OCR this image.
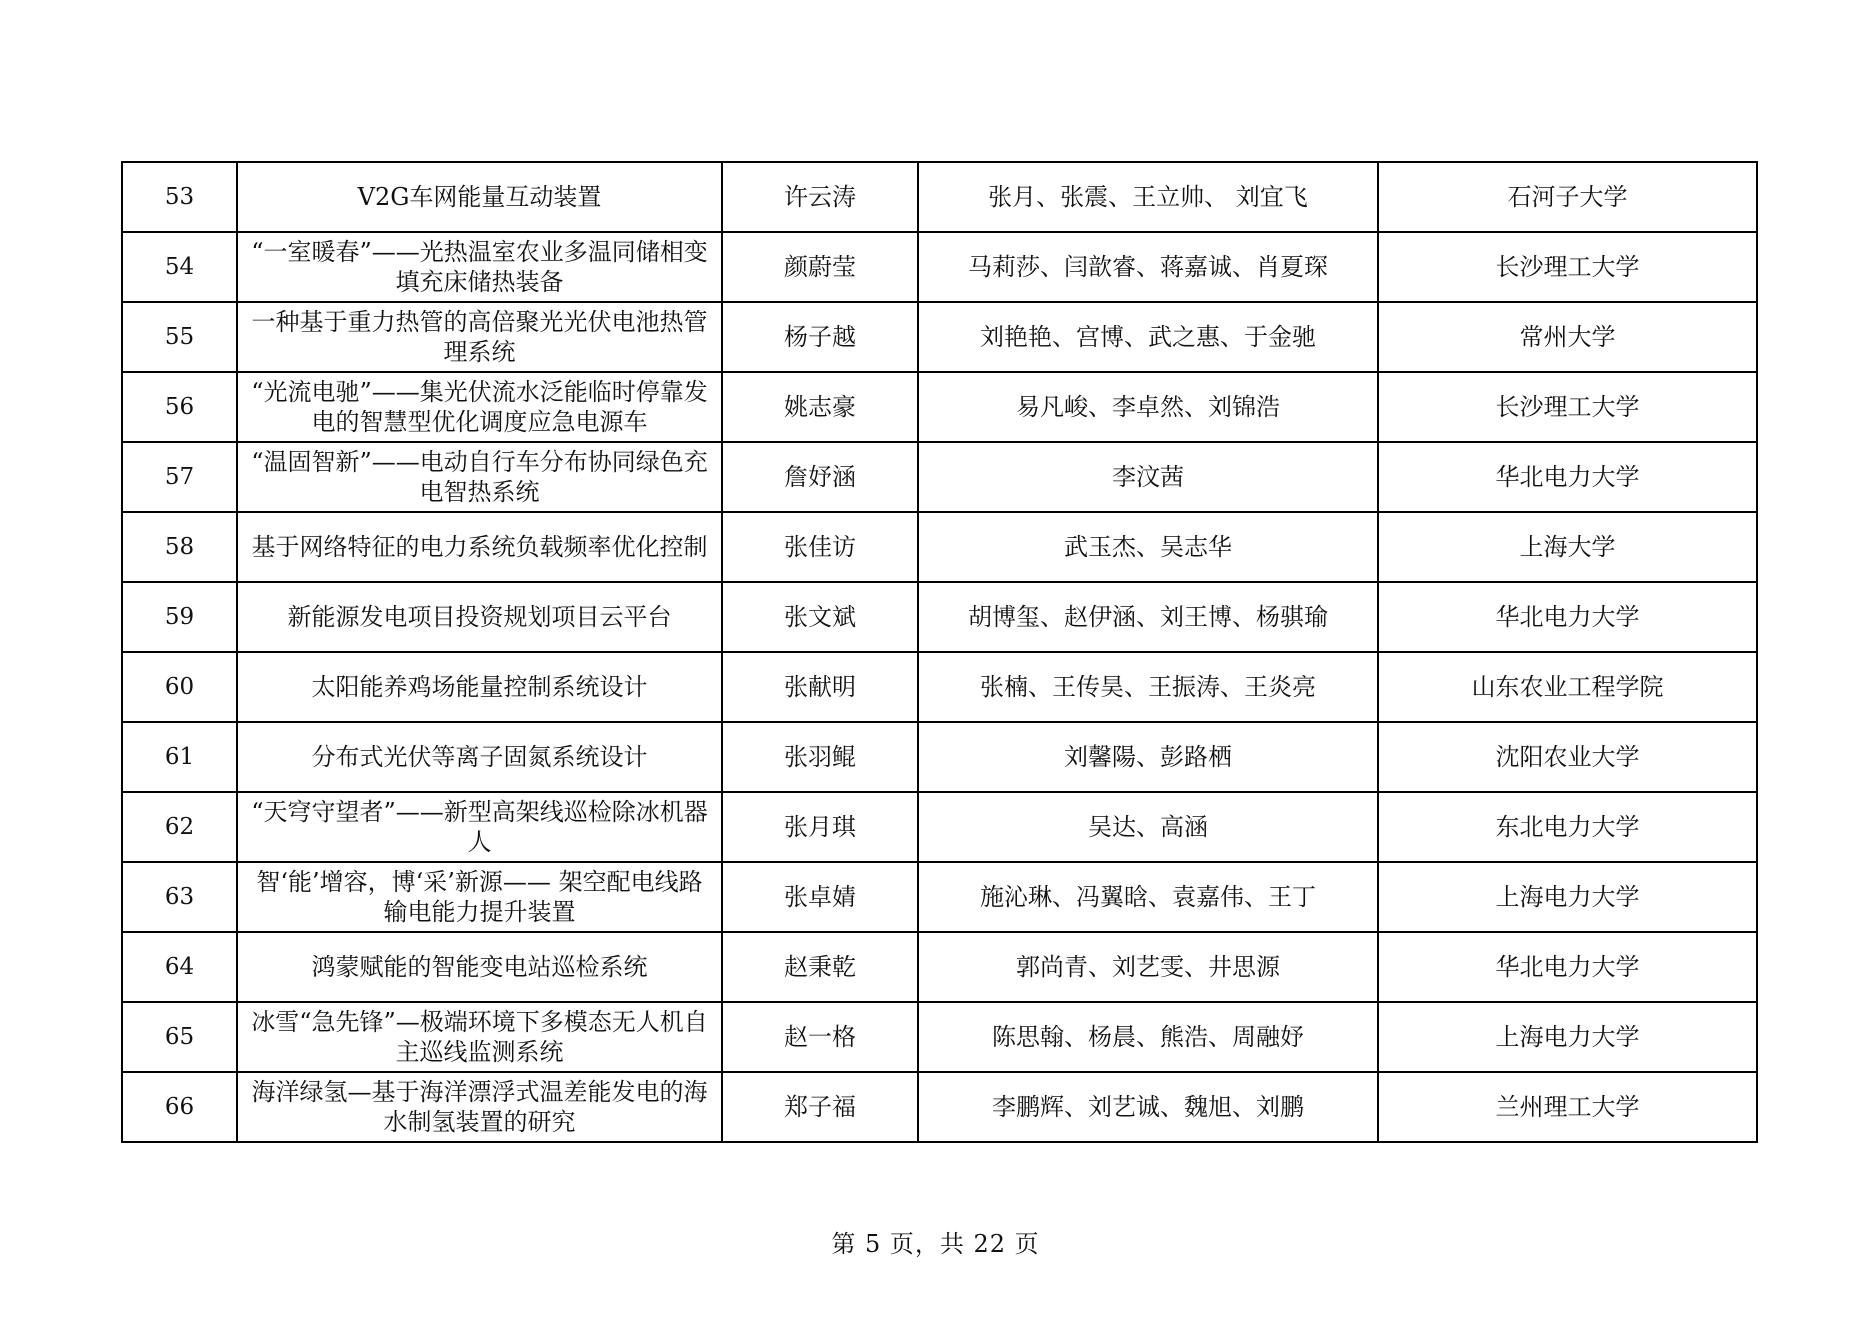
53	V2G车网能量互动装置	许云涛	张月、张震、王立帅、 刘宜飞	石河子大学
54	“一室暖春”——光热温室农业多温同储相变填充床储热装备	颜蔚莹	马莉莎、闫歆睿、蒋嘉诚、肖夏琛	长沙理工大学
55	一种基于重力热管的高倍聚光光伏电池热管理系统	杨子越	刘艳艳、宫博、武之惠、于金驰	常州大学
56	“光流电驰”——集光伏流水泛能临时停靠发电的智慧型优化调度应急电源车	姚志豪	易凡峻、李卓然、刘锦浩	长沙理工大学
57	“温固智新”——电动自行车分布协同绿色充电智热系统	詹妤涵	李汶茜	华北电力大学
58	基于网络特征的电力系统负载频率优化控制	张佳访	武玉杰、吴志华	上海大学
59	新能源发电项目投资规划项目云平台	张文斌	胡博玺、赵伊涵、刘王博、杨骐瑜	华北电力大学
60	太阳能养鸡场能量控制系统设计	张献明	张楠、王传昊、王振涛、王炎亮	山东农业工程学院
61	分布式光伏等离子固氮系统设计	张羽鲲	刘馨陽、彭路栖	沈阳农业大学
62	“天穹守望者”——新型高架线巡检除冰机器人	张月琪	吴达、高涵	东北电力大学
63	智‘能’增容，博‘采’新源—— 架空配电线路输电能力提升装置	张卓婧	施沁琳、冯翼晗、袁嘉伟、王丁	上海电力大学
64	鸿蒙赋能的智能变电站巡检系统	赵秉乾	郭尚青、刘艺雯、井思源	华北电力大学
65	冰雪“急先锋”—极端环境下多模态无人机自主巡线监测系统	赵一格	陈思翰、杨晨、熊浩、周融妤	上海电力大学
66	海洋绿氢—基于海洋漂浮式温差能发电的海水制氢装置的研究	郑子福	李鹏辉、刘艺诚、魏旭、刘鹏	兰州理工大学
第 5 页，共 22 页
